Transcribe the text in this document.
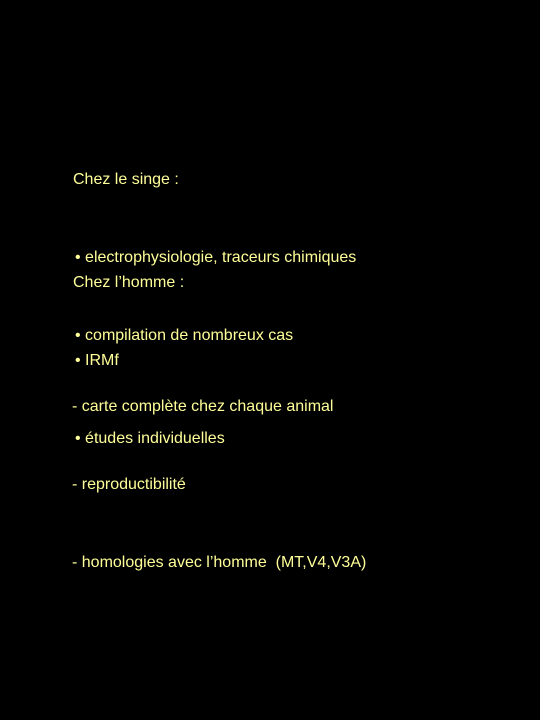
Chez le singe :

• electrophysiologie, traceurs chimiques

• compilation de nombreux cas

Chez l’homme :

• IRMf

• études individuelles

- carte complète chez chaque animal

- reproductibilité

- homologies avec l’homme  (MT,V4,V3A)
